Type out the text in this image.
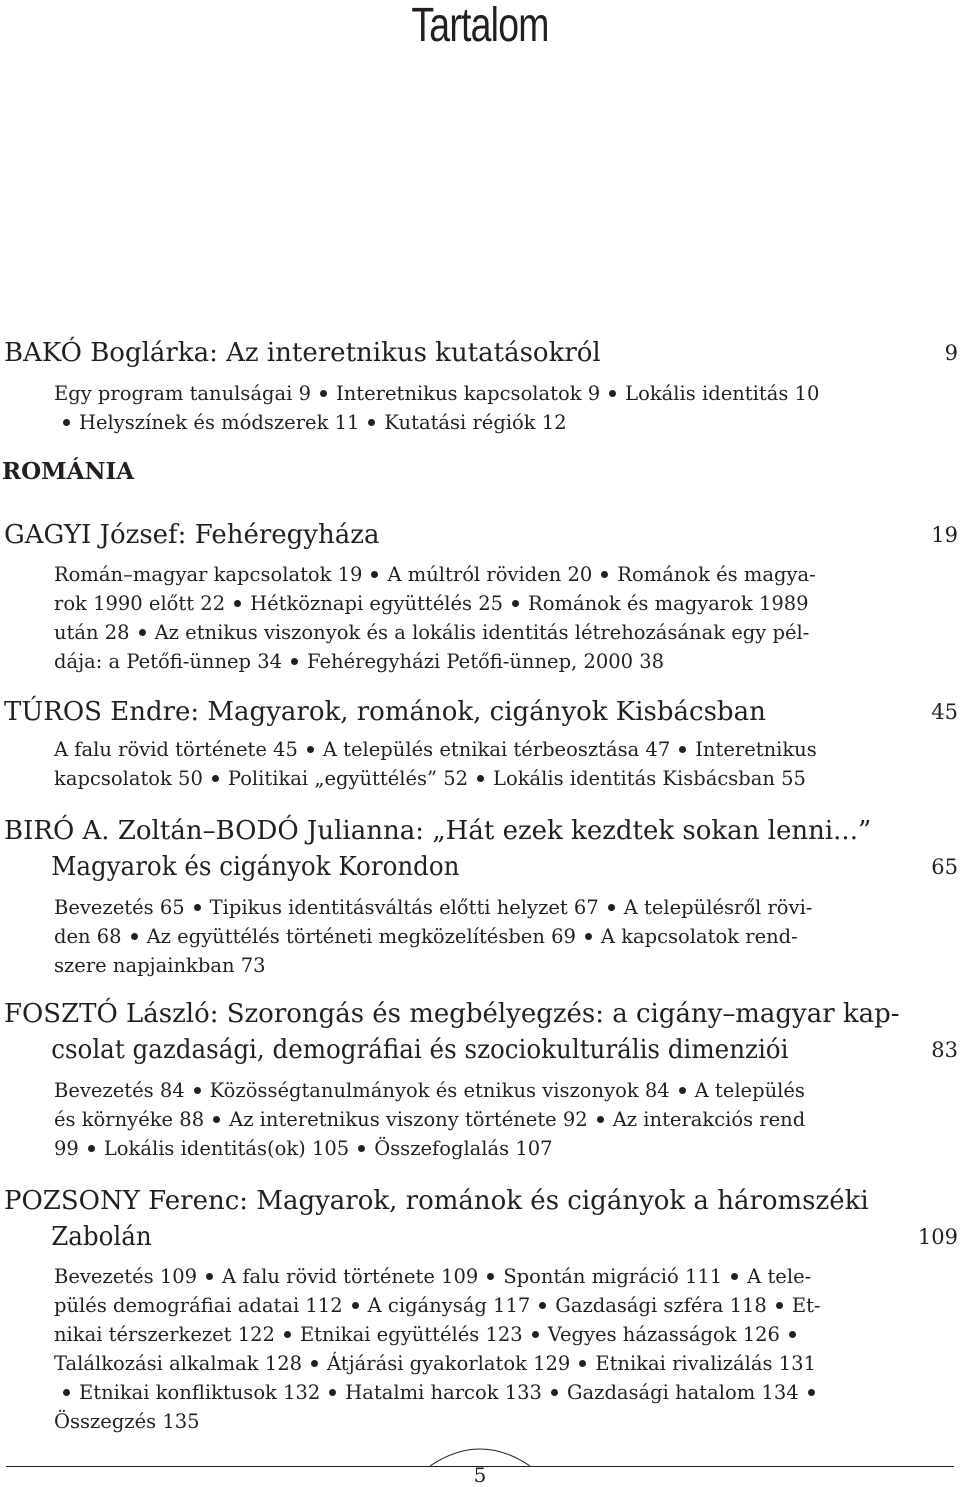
Tartalom
ROMÁNIA
BAKÓ Boglárka: Az interetnikus kutatásokról	9
Egy program tanulságai 9 Interetnikus kapcsolatok 9 Lokális identitás 10
Helyszínek és módszerek 11 Kutatási régiók 12
GAGYI József: Fehéregyháza	19
Román–magyar kapcsolatok 19 A múltról röviden 20 Románok és magya-
rok 1990 előtt 22 Hétköznapi együttélés 25 Románok és magyarok 1989
után 28 Az etnikus viszonyok és a lokális identitás létrehozásának egy pél-
dája: a Petőfi-ünnep 34 Fehéregyházi Petőfi-ünnep, 2000 38
TÚROS Endre: Magyarok, románok, cigányok Kisbácsban	45
A falu rövid története 45 A település etnikai térbeosztása 47 Interetnikus
kapcsolatok 50 Politikai „együttélés” 52 Lokális identitás Kisbácsban 55
BIRÓ A. Zoltán–BODÓ Julianna: „Hát ezek kezdtek sokan lenni...”
Magyarok és cigányok Korondon	65
Bevezetés 65 Tipikus identitásváltás előtti helyzet 67 A településről rövi-
den 68 Az együttélés történeti megközelítésben 69 A kapcsolatok rend-
szere napjainkban 73
FOSZTÓ László: Szorongás és megbélyegzés: a cigány–magyar kap-
csolat gazdasági, demográfiai és szociokulturális dimenziói	83
Bevezetés 84 Közösségtanulmányok és etnikus viszonyok 84 A település
és környéke 88 Az interetnikus viszony története 92 Az interakciós rend
99 Lokális identitás(ok) 105 Összefoglalás 107
POZSONY Ferenc: Magyarok, románok és cigányok a háromszéki
Zabolán	109
Bevezetés 109 A falu rövid története 109 Spontán migráció 111 A tele-
pülés demográfiai adatai 112 A cigányság 117 Gazdasági szféra 118 Et-
nikai térszerkezet 122 Etnikai együttélés 123 Vegyes házasságok 126
Találkozási alkalmak 128 Átjárási gyakorlatok 129 Etnikai rivalizálás 131
Etnikai konfliktusok 132 Hatalmi harcok 133 Gazdasági hatalom 134
Összegzés 135
5
